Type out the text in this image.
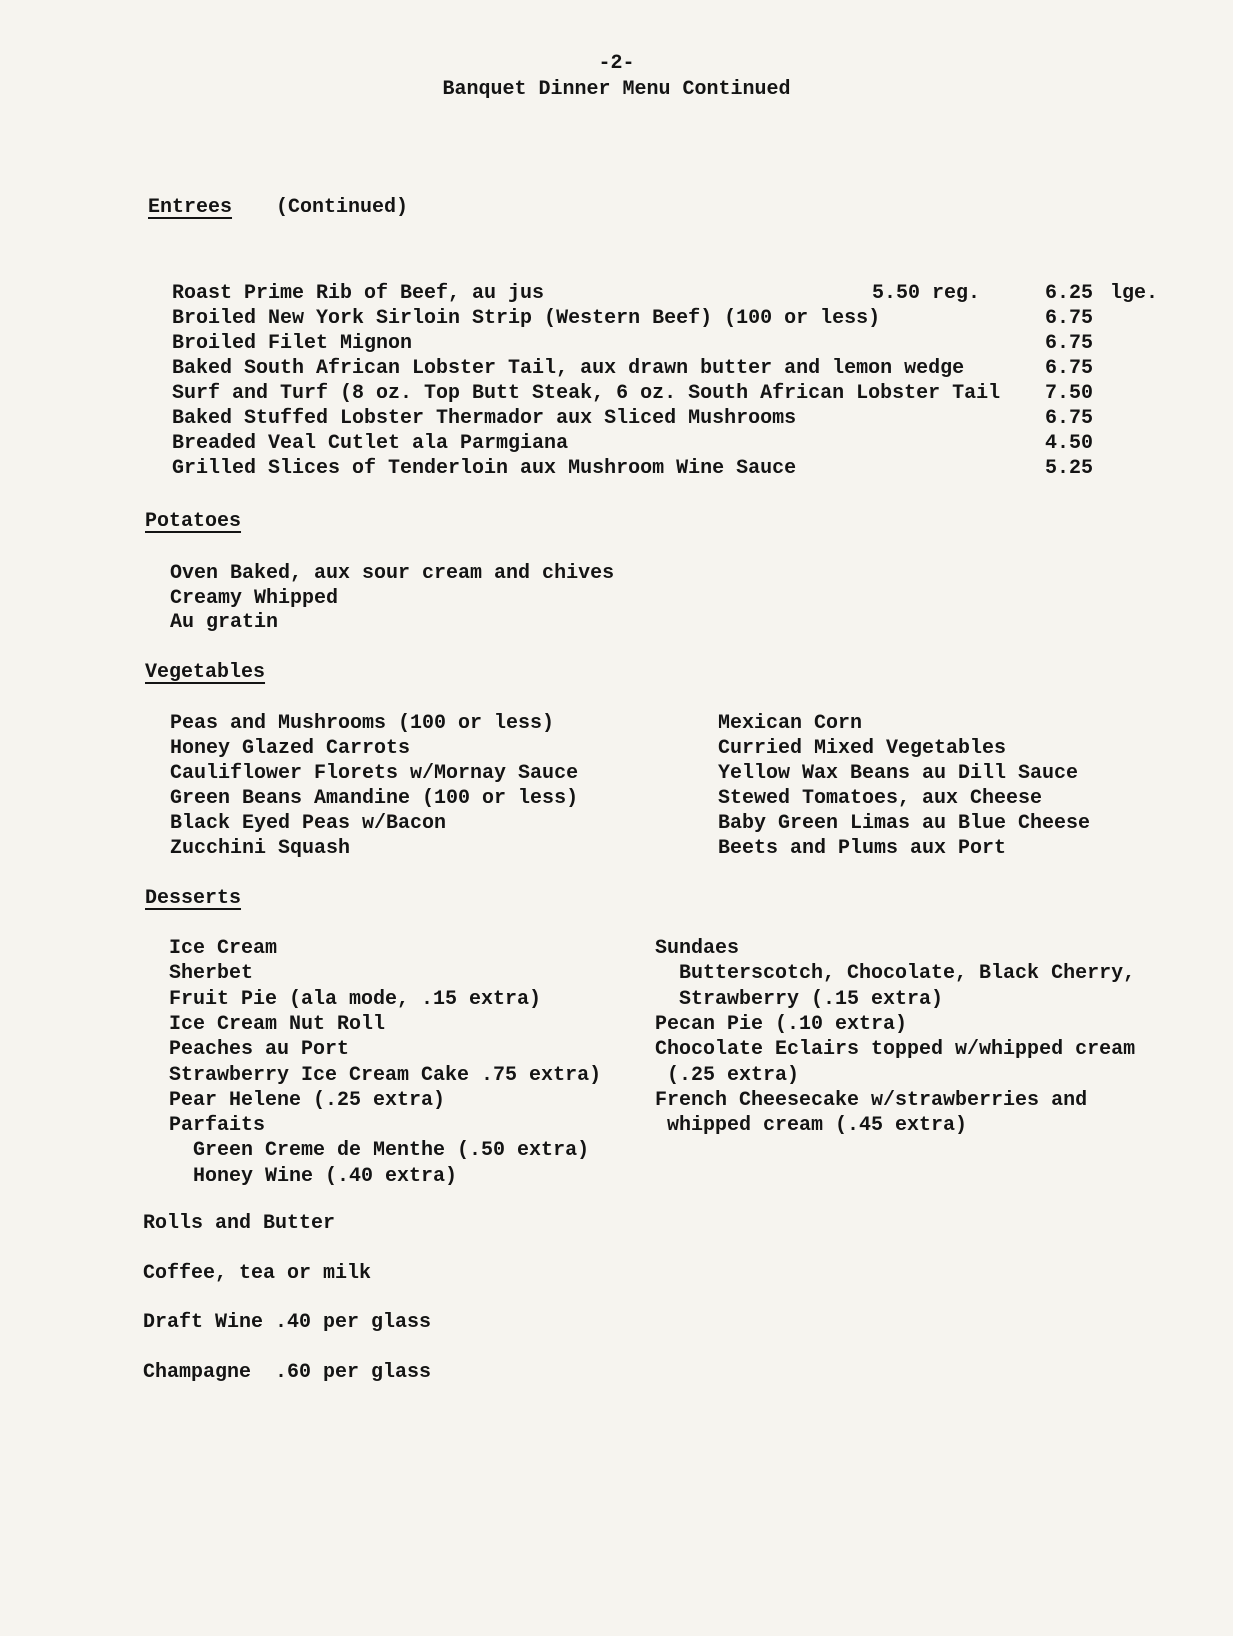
-2-
Banquet Dinner Menu Continued
Entrees (Continued)
Roast Prime Rib of Beef, au jus	5.50 reg.	6.25 lge.
Broiled New York Sirloin Strip (Western Beef) (100 or less)	6.75
Broiled Filet Mignon	6.75
Baked South African Lobster Tail, aux drawn butter and lemon wedge	6.75
Surf and Turf (8 oz. Top Butt Steak, 6 oz. South African Lobster Tail 7.50
Baked Stuffed Lobster Thermador aux Sliced Mushrooms	6.75
Breaded Veal Cutlet ala Parmgiana	4.50
Grilled Slices of Tenderloin aux Mushroom Wine Sauce	5.25
Potatoes
Oven Baked, aux sour cream and chives
Creamy Whipped
Au gratin
Vegetables
Peas and Mushrooms (100 or less)
Honey Glazed Carrots
Cauliflower Florets w/Mornay Sauce
Green Beans Amandine (100 or less)
Black Eyed Peas w/Bacon
Zucchini Squash
Mexican Corn
Curried Mixed Vegetables
Yellow Wax Beans au Dill Sauce
Stewed Tomatoes, aux Cheese
Baby Green Limas au Blue Cheese
Beets and Plums aux Port
Desserts
Ice Cream
Sherbet
Fruit Pie (ala mode, .15 extra)
Ice Cream Nut Roll
Peaches au Port
Strawberry Ice Cream Cake .75 extra)
Pear Helene (.25 extra)
Parfaits
Green Creme de Menthe (.50 extra)
Honey Wine (.40 extra)
Sundaes
Butterscotch, Chocolate, Black Cherry,
Strawberry (.15 extra)
Pecan Pie (.10 extra)
Chocolate Eclairs topped w/whipped cream
(.25 extra)
French Cheesecake w/strawberries and
whipped cream (.45 extra)
Rolls and Butter
Coffee, tea or milk
Draft Wine .40 per glass
Champagne  .60 per glass
